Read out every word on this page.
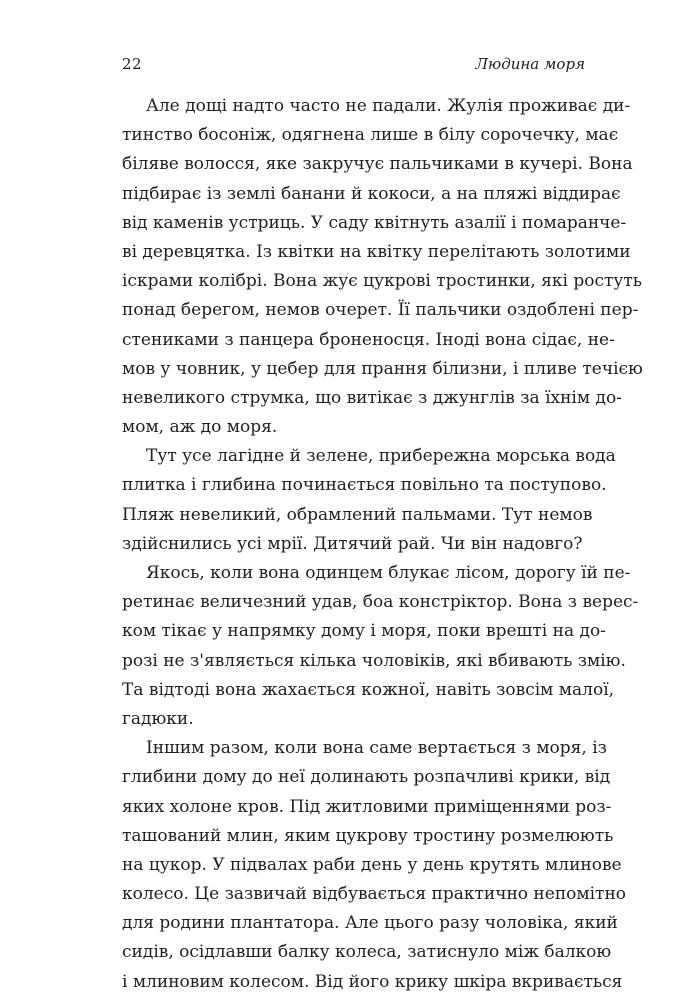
22	Людина моря
Але дощі надто часто не падали. Жулія проживає ди-
тинство босоніж, одягнена лише в білу сорочечку, має
біляве волосся, яке закручує пальчиками в кучері. Вона
підбирає із землі банани й кокоси, а на пляжі віддирає
від каменів устриць. У саду квітнуть азалії і помаранче-
ві деревцятка. Із квітки на квітку перелітають золотими
іскрами колібрі. Вона жує цукрові тростинки, які ростуть
понад берегом, немов очерет. Її пальчики оздоблені пер-
стениками з панцера броненосця. Іноді вона сідає, не-
мов у човник, у цебер для прання білизни, і пливе течією
невеликого струмка, що витікає з джунглів за їхнім до-
мом, аж до моря.
Тут усе лагідне й зелене, прибережна морська вода
плитка і глибина починається повільно та поступово.
Пляж невеликий, обрамлений пальмами. Тут немов
здійснились усі мрії. Дитячий рай. Чи він надовго?
Якось, коли вона одинцем блукає лісом, дорогу їй пе-
ретинає величезний удав, боа констріктор. Вона з верес-
ком тікає у напрямку дому і моря, поки врешті на до-
розі не з'являється кілька чоловіків, які вбивають змію.
Та відтоді вона жахається кожної, навіть зовсім малої,
гадюки.
Іншим разом, коли вона саме вертається з моря, із
глибини дому до неї долинають розпачливі крики, від
яких холоне кров. Під житловими приміщеннями роз-
ташований млин, яким цукрову тростину розмелюють
на цукор. У підвалах раби день у день крутять млинове
колесо. Це зазвичай відбувається практично непомітно
для родини плантатора. Але цього разу чоловіка, який
сидів, осідлавши балку колеса, затиснуло між балкою
і млиновим колесом. Від його крику шкіра вкривається
